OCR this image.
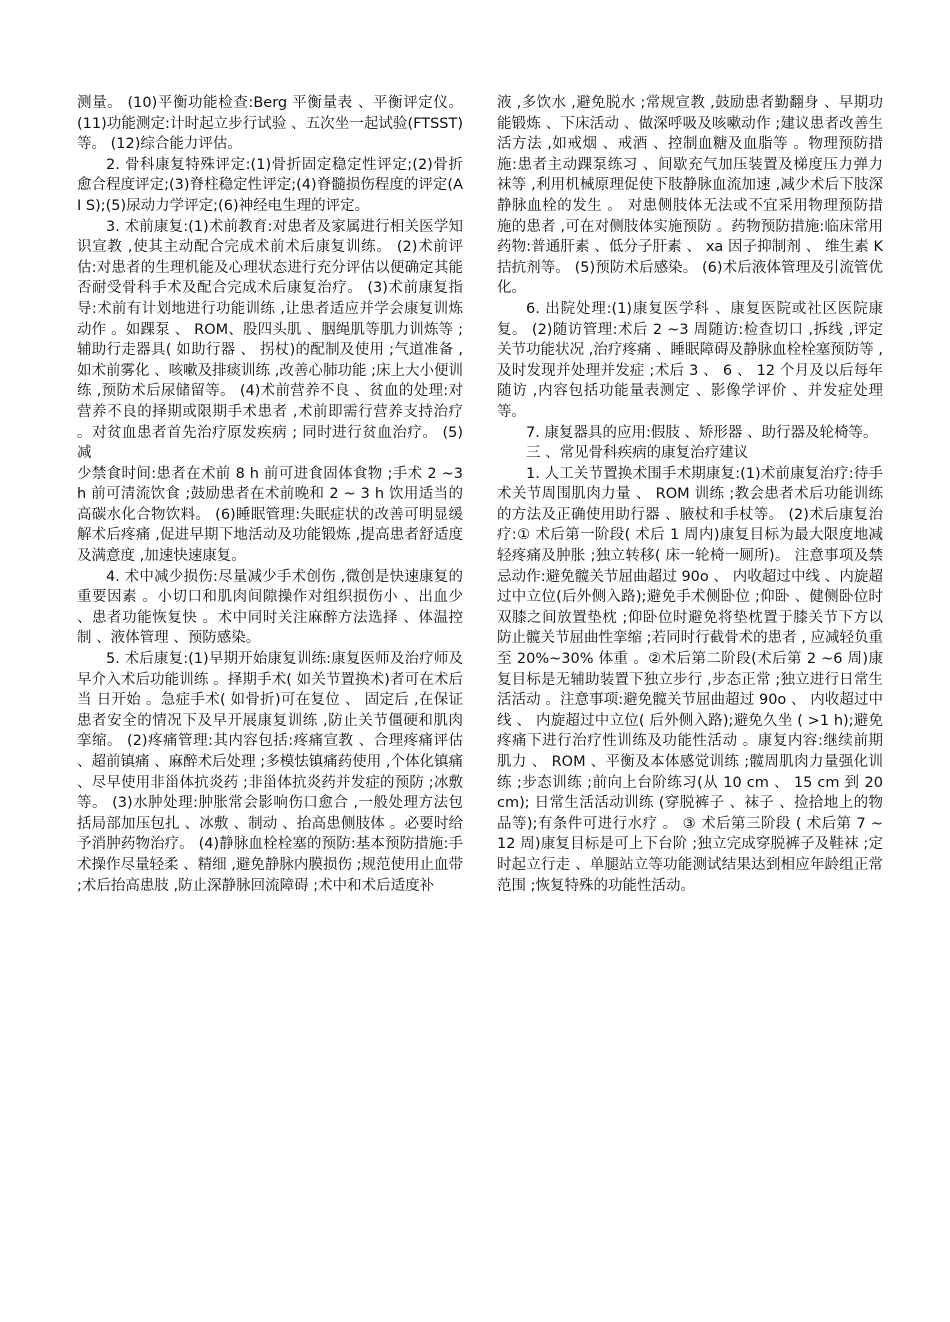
测量。 (10)平衡功能检查:Berg 平衡量表 、平衡评定仪。 (11)功能测定:计时起立步行试验 、五次坐一起试验(FTSST)等。 (12)综合能力评估。

2. 骨科康复特殊评定:(1)骨折固定稳定性评定;(2)骨折愈合程度评定;(3)脊柱稳定性评定;(4)脊髓损伤程度的评定(A I S);(5)尿动力学评定;(6)神经电生理的评定。

3. 术前康复:(1)术前教育:对患者及家属进行相关医学知识宣教 ,使其主动配合完成术前术后康复训练。 (2)术前评估:对患者的生理机能及心理状态进行充分评估以便确定其能否耐受骨科手术及配合完成术后康复治疗。 (3)术前康复指导:术前有计划地进行功能训练 ,让患者适应并学会康复训炼动作 。如踝泵 、 ROM、股四头肌 、胭绳肌等肌力训炼等 ;辅助行走器具( 如助行器 、 拐杖)的配制及使用 ;气道准备 ,如术前雾化 、咳嗽及排痰训练 ,改善心肺功能 ;床上大小便训练 ,预防术后尿储留等。 (4)术前营养不良 、贫血的处理:对营养不良的择期或限期手术患者 ,术前即需行营养支持治疗 。对贫血患者首先治疗原发疾病 ; 同时进行贫血治疗。 (5)减

少禁食时间:患者在术前 8 h 前可进食固体食物 ;手术 2 ~3 h 前可清流饮食 ;鼓励患者在术前晚和 2 ~ 3 h 饮用适当的高碳水化合物饮料。 (6)睡眠管理:失眠症状的改善可明显缓解术后疼痛 ,促进早期下地活动及功能锻炼 ,提高患者舒适度及满意度 ,加速快速康复。

4. 术中减少损伤:尽量减少手术创伤 ,微创是快速康复的重要因素 。小切口和肌肉间隙操作对组织损伤小 、出血少 、患者功能恢复快 。术中同时关注麻醉方法选择 、体温控制 、液体管理 、预防感染。

5. 术后康复:(1)早期开始康复训练:康复医师及治疗师及早介入术后功能训练 。择期手术( 如关节置换术)者可在术后当 日开始 。急症手术( 如骨折)可在复位 、 固定后 ,在保证患者安全的情况下及早开展康复训练 ,防止关节僵硬和肌肉挛缩。 (2)疼痛管理:其内容包括:疼痛宣教 、合理疼痛评估 、超前镇痛 、麻醉术后处理 ;多模怯镇痛药使用 ,个体化镇痛 、尽早使用非甾体抗炎药 ;非甾体抗炎药并发症的预防 ;冰敷等。 (3)水肿处理:肿胀常会影响伤口愈合 ,一般处理方法包括局部加压包扎 、冰敷 、制动 、抬高患侧肢体 。必要时给予消肿药物治疗。 (4)静脉血栓栓塞的预防:基本预防措施:手术操作尽量轻柔 、精细 ,避免静脉内膜损伤 ;规范使用止血带 ;术后抬高患肢 ,防止深静脉回流障碍 ;术中和术后适度补

液 ,多饮水 ,避免脱水 ;常规宣教 ,鼓励患者勤翻身 、早期功能锻炼 、下床活动 、做深呼吸及咳嗽动作 ;建议患者改善生活方法 ,如戒烟 、戒酒 、控制血糖及血脂等 。物理预防措施:患者主动踝泵练习 、间歇充气加压装置及梯度压力弹力袜等 ,利用机械原理促使下肢静脉血流加速 ,减少术后下肢深静脉血栓的发生 。 对患侧肢体无法或不宜采用物理预防措施的患者 ,可在对侧肢体实施预防 。药物预防措施:临床常用药物:普通肝素 、低分子肝素 、 xa 因子抑制剂 、 维生素 K 拮抗剂等。 (5)预防术后感染。 (6)术后液体管理及引流管优化。

6. 出院处理:(1)康复医学科 、康复医院或社区医院康复。 (2)随访管理:术后 2 ~3 周随访:检查切口 ,拆线 ,评定关节功能状况 ,治疗疼痛 、睡眠障碍及静脉血栓栓塞预防等 ,及时发现并处理并发症 ;术后 3 、 6 、 12 个月及以后每年随访 ,内容包括功能量表测定 、影像学评价 、并发症处理等。

7. 康复器具的应用:假肢 、矫形器 、助行器及轮椅等。

三 、常见骨科疾病的康复治疗建议

1. 人工关节置换术围手术期康复:(1)术前康复治疗:待手术关节周围肌肉力量 、 ROM 训练 ;教会患者术后功能训练的方法及正确使用助行器 、腋杖和手杖等。 (2)术后康复治疗:① 术后第一阶段( 术后 1 周内)康复目标为最大限度地减轻疼痛及肿胀 ;独立转移( 床一轮椅一厕所)。 注意事项及禁忌动作:避免髋关节屈曲超过 90o 、 内收超过中线 、内旋超过中立位(后外侧入路);避免手术侧卧位 ;仰卧 、健侧卧位时双膝之间放置垫枕 ;仰卧位时避免将垫枕置于膝关节下方以防止髋关节屈曲性挛缩 ;若同时行截骨术的患者 , 应减轻负重至 20%~30% 体重 。②术后第二阶段(术后第 2 ~6 周)康复目标是无辅助装置下独立步行 ,步态正常 ;独立进行日常生活活动 。注意事项:避免髋关节屈曲超过 90o 、 内收超过中线 、 内旋超过中立位( 后外侧入路);避免久坐 ( >1 h);避免疼痛下进行治疗性训练及功能性活动 。康复内容:继续前期肌力 、 ROM 、平衡及本体感觉训练 ;髋周肌肉力量强化训练 ;步态训练 ;前向上台阶练习(从 10 cm 、 15 cm 到 20 cm); 日常生活活动训练 (穿脱裤子 、袜子 、捡拾地上的物品等);有条件可进行水疗 。 ③ 术后第三阶段 ( 术后第 7 ~ 12 周)康复目标是可上下台阶 ;独立完成穿脱裤子及鞋袜 ;定时起立行走 、单腿站立等功能测试结果达到相应年龄组正常范围 ;恢复特殊的功能性活动。
